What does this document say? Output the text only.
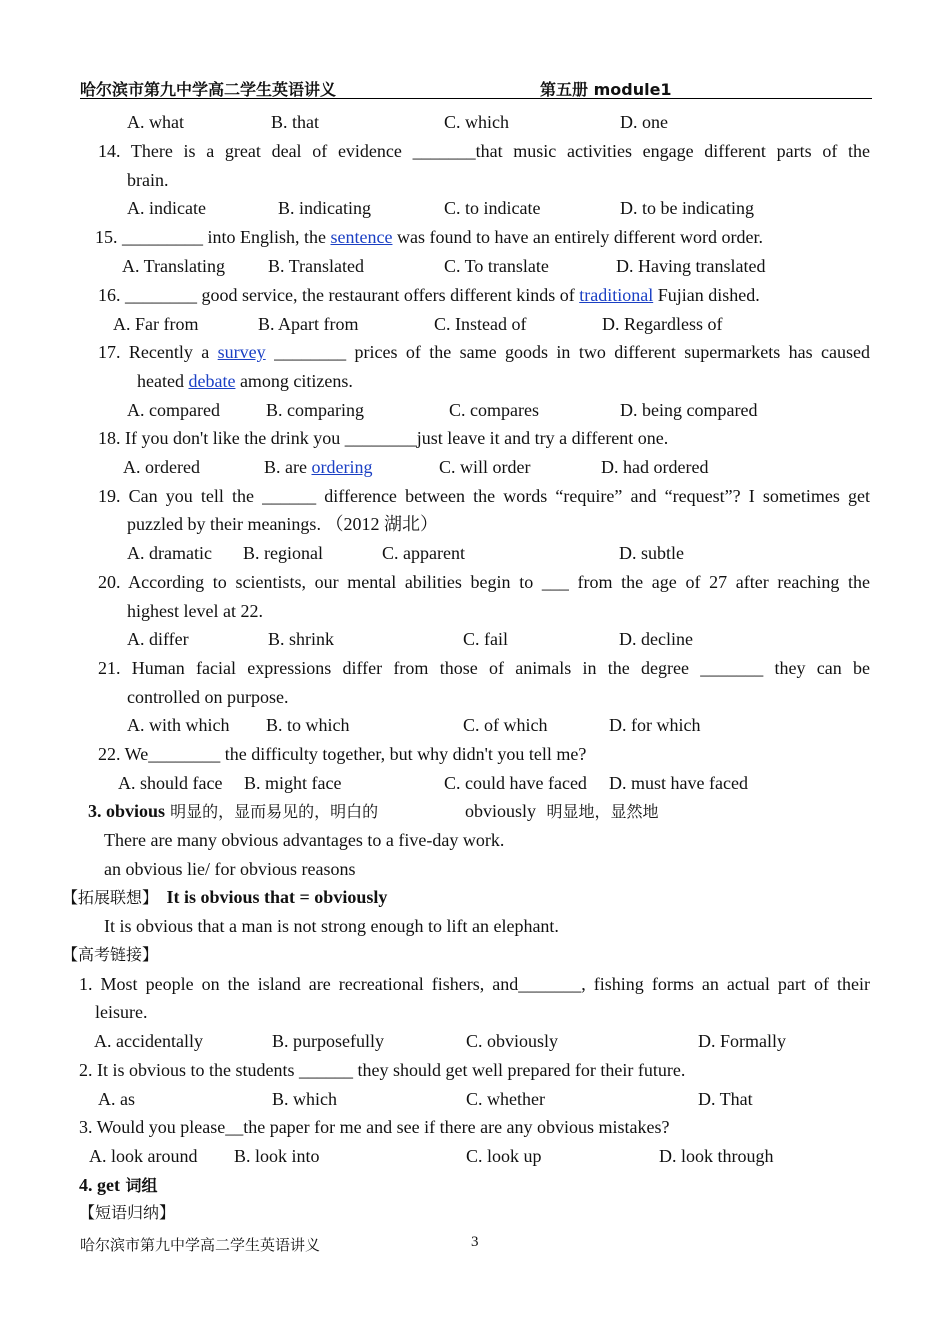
哈尔滨市第九中学高二学生英语讲义	第五册 module1
A. what	B. that	C. which	D. one
14. There is a great deal of evidence _______that music activities engage different parts of the
brain.
A. indicate	B. indicating	C. to indicate	D. to be indicating
15. _________ into English, the sentence was found to have an entirely different word order.
A. Translating B. Translated	C. To translate	D. Having translated
16. ________ good service, the restaurant offers different kinds of traditional Fujian dished.
A. Far from	B. Apart from	C. Instead of	D. Regardless of
17. Recently a survey ________ prices of the same goods in two different supermarkets has caused
heated debate among citizens.
A. compared	B. comparing	C. compares	D. being compared
18. If you don't like the drink you ________just leave it and try a different one.
A. ordered	B. are ordering	C. will order	D. had ordered
19. Can you tell the ______ difference between the words “require” and “request”? I sometimes get
puzzled by their meanings. （2012 湖北）
A. dramatic B. regional	C. apparent	D. subtle
20. According to scientists, our mental abilities begin to ___ from the age of 27 after reaching the
highest level at 22.
A. differ	B. shrink	C. fail	D. decline
21. Human facial expressions differ from those of animals in the degree _______ they can be
controlled on purpose.
A. with which B. to which	C. of which	D. for which
22. We________ the difficulty together, but why didn't you tell me?
A. should face B. might face	C. could have faced D. must have faced
3. obvious 明显的，显而易见的，明白的	obviously 明显地，显然地
There are many obvious advantages to a five-day work.
an obvious lie/ for obvious reasons
【拓展联想】 It is obvious that = obviously
It is obvious that a man is not strong enough to lift an elephant.
【高考链接】
1. Most people on the island are recreational fishers, and_______, fishing forms an actual part of their
leisure.
A. accidentally	B. purposefully	C. obviously	D. Formally
2. It is obvious to the students ______ they should get well prepared for their future.
A. as	B. which	C. whether	D. That
3. Would you please__the paper for me and see if there are any obvious mistakes?
A. look around B. look into	C. look up	D. look through
4. get 词组
【短语归纳】
哈尔滨市第九中学高二学生英语讲义	3
